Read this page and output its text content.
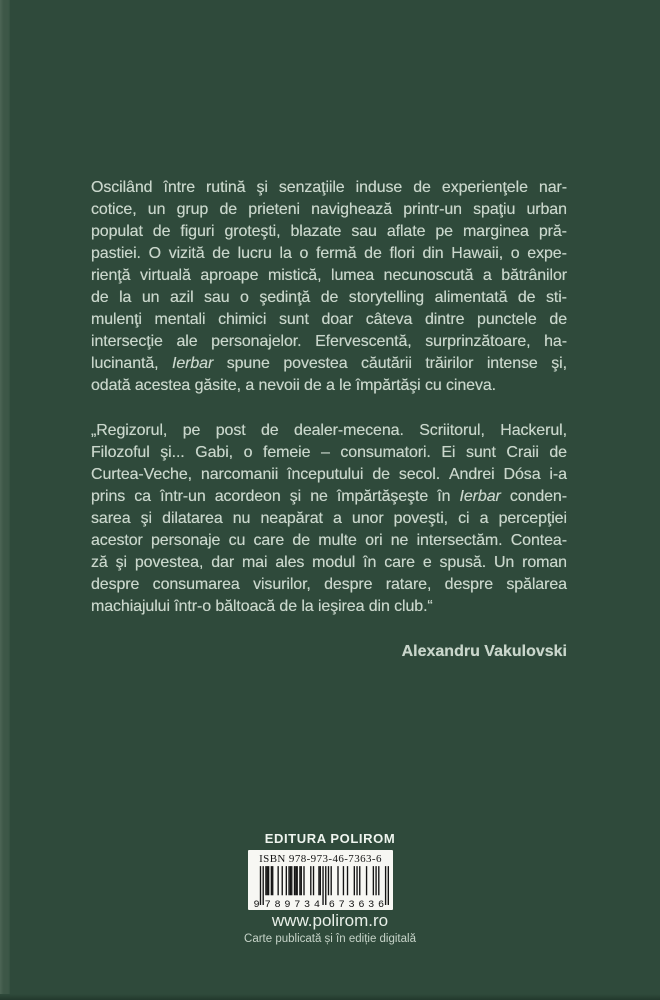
Oscilând între rutină şi senzaţiile induse de experienţele nar-
cotice, un grup de prieteni navighează printr-un spaţiu urban
populat de figuri groteşti, blazate sau aflate pe marginea pră-
pastiei. O vizită de lucru la o fermă de flori din Hawaii, o expe-
rienţă virtuală aproape mistică, lumea necunoscută a bătrânilor
de la un azil sau o şedinţă de storytelling alimentată de sti-
mulenţi mentali chimici sunt doar câteva dintre punctele de
intersecţie ale personajelor. Efervescentă, surprinzătoare, ha-
lucinantă, Ierbar spune povestea căutării trăirilor intense şi,
odată acestea găsite, a nevoii de a le împărtăşi cu cineva.
„Regizorul, pe post de dealer-mecena. Scriitorul, Hackerul,
Filozoful şi... Gabi, o femeie – consumatori. Ei sunt Craii de
Curtea-Veche, narcomanii începutului de secol. Andrei Dósa i-a
prins ca într-un acordeon şi ne împărtăşeşte în Ierbar conden-
sarea şi dilatarea nu neapărat a unor poveşti, ci a percepţiei
acestor personaje cu care de multe ori ne intersectăm. Contea-
ză şi povestea, dar mai ales modul în care e spusă. Un roman
despre consumarea visurilor, despre ratare, despre spălarea
machiajului într-o băltoacă de la ieşirea din club.“
Alexandru Vakulovski
EDITURA POLIROM
ISBN 978-973-46-7363-6
9 789734 673636
www.polirom.ro
Carte publicată și în ediție digitală
